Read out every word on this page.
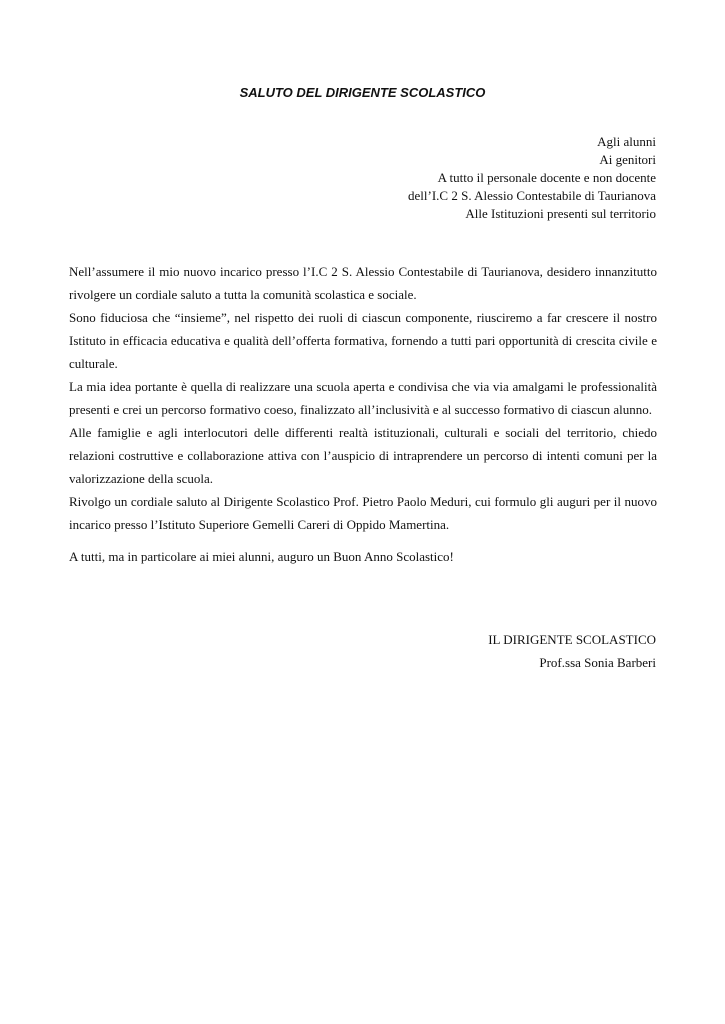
SALUTO DEL DIRIGENTE SCOLASTICO
Agli alunni
Ai genitori
A tutto il personale docente e non docente
dell’I.C 2 S. Alessio Contestabile di Taurianova
Alle Istituzioni presenti sul territorio

Nell’assumere il mio nuovo incarico presso l’I.C 2 S. Alessio Contestabile di Taurianova, desidero innanzitutto rivolgere un cordiale saluto a tutta la comunità scolastica e sociale.

Sono fiduciosa che “insieme”, nel rispetto dei ruoli di ciascun componente, riusciremo a far crescere il nostro Istituto in efficacia educativa e qualità dell’offerta formativa, fornendo a tutti pari opportunità di crescita civile e culturale.

La mia idea portante è quella di realizzare una scuola aperta e condivisa che via via amalgami le professionalità presenti e crei un percorso formativo coeso, finalizzato all’inclusività e al successo formativo di ciascun alunno.

Alle famiglie e agli interlocutori delle differenti realtà istituzionali, culturali e sociali del territorio, chiedo relazioni costruttive e collaborazione attiva con l’auspicio di intraprendere un percorso di intenti comuni per la valorizzazione della scuola.

Rivolgo un cordiale saluto al Dirigente Scolastico Prof. Pietro Paolo Meduri, cui formulo gli auguri per il nuovo incarico presso l’Istituto Superiore Gemelli Careri di Oppido Mamertina.

A tutti, ma in particolare ai miei alunni, auguro un Buon Anno Scolastico!

IL DIRIGENTE SCOLASTICO
Prof.ssa Sonia Barberi
